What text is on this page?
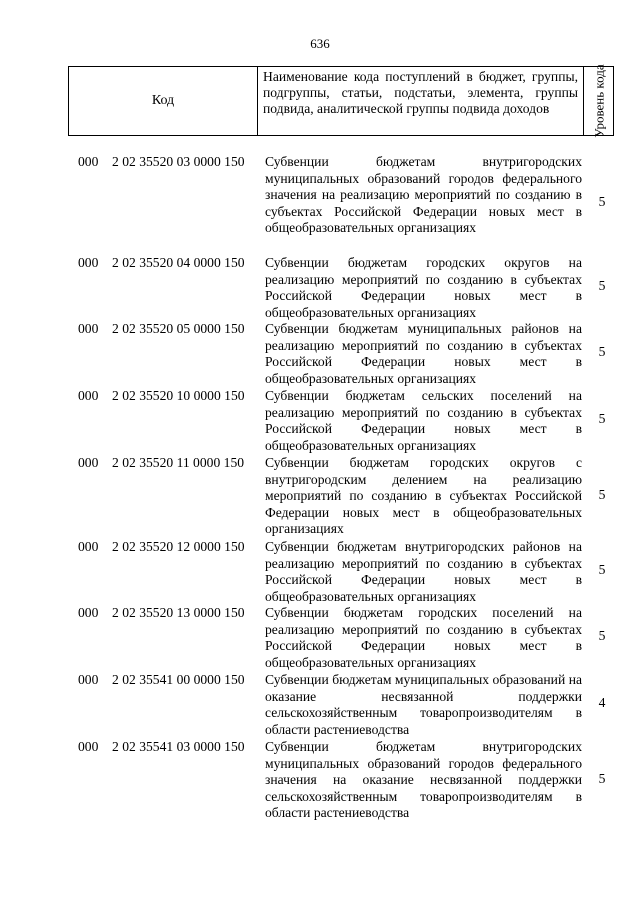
636
Код
Наименование кода поступлений в бюджет, группы, подгруппы, статьи, подстатьи, элемента, группы подвида, аналитической группы подвида доходов	Уровень кода
000 2 02 35520 03 0000 150 Субвенции бюджетам внутригородских муниципальных образований городов федерального значения на реализацию мероприятий по созданию в субъектах Российской Федерации новых мест в общеобразовательных организациях
5
000 2 02 35520 04 0000 150 Субвенции бюджетам городских округов на реализацию мероприятий по созданию в субъектах Российской Федерации новых мест в общеобразовательных организациях
5
000 2 02 35520 05 0000 150 Субвенции бюджетам муниципальных районов на реализацию мероприятий по созданию в субъектах Российской Федерации новых мест в общеобразовательных организациях
5
000 2 02 35520 10 0000 150 Субвенции бюджетам сельских поселений на реализацию мероприятий по созданию в субъектах Российской Федерации новых мест в общеобразовательных организациях
5
000 2 02 35520 11 0000 150 Субвенции бюджетам городских округов с внутригородским делением на реализацию мероприятий по созданию в субъектах Российской Федерации новых мест в общеобразовательных организациях
5
000 2 02 35520 12 0000 150 Субвенции бюджетам внутригородских районов на реализацию мероприятий по созданию в субъектах Российской Федерации новых мест в общеобразовательных организациях
5
000 2 02 35520 13 0000 150 Субвенции бюджетам городских поселений на реализацию мероприятий по созданию в субъектах Российской Федерации новых мест в общеобразовательных организациях
5
000 2 02 35541 00 0000 150 Субвенции бюджетам муниципальных образований на оказание несвязанной поддержки сельскохозяйственным товаропроизводителям в области растениеводства
4
000 2 02 35541 03 0000 150 Субвенции бюджетам внутригородских муниципальных образований городов федерального значения на оказание несвязанной поддержки сельскохозяйственным товаропроизводителям в области растениеводства
5
